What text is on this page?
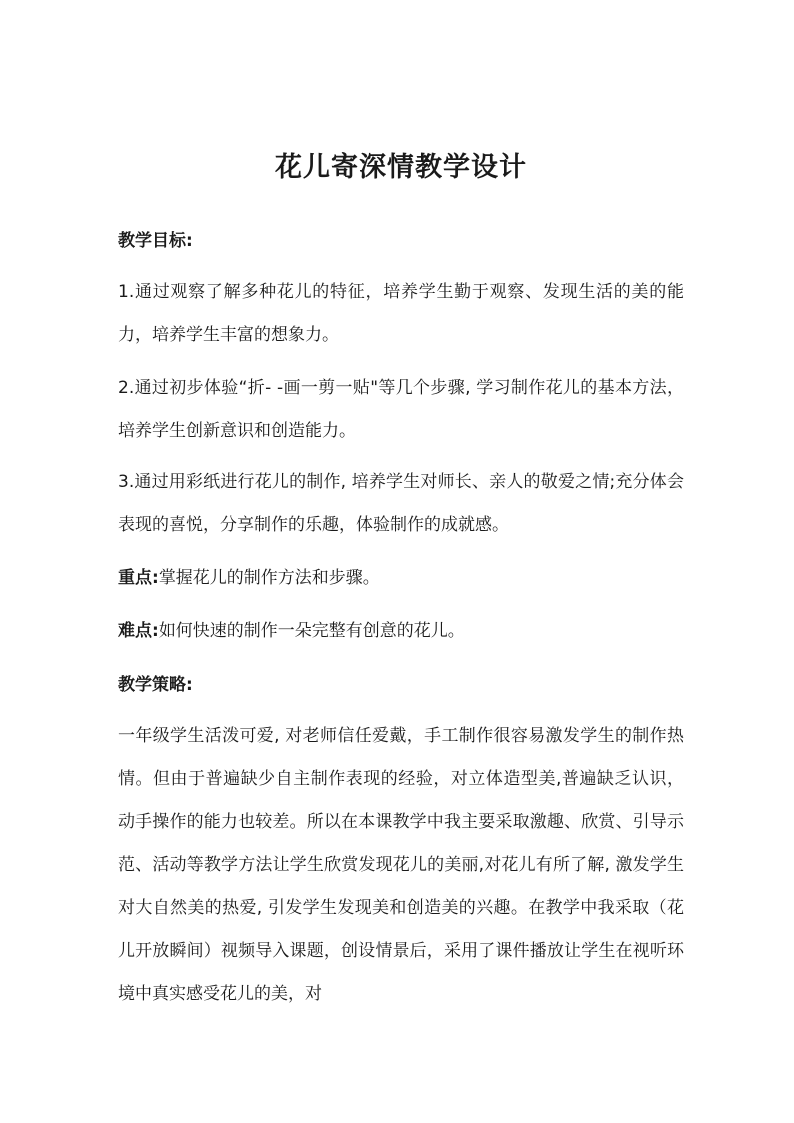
花儿寄深情教学设计

教学目标:

1.通过观察了解多种花儿的特征，培养学生勤于观察、发现生活的美的能力，培养学生丰富的想象力。

2.通过初步体验“折- -画一剪一贴"等几个步骤, 学习制作花儿的基本方法，培养学生创新意识和创造能力。

3.通过用彩纸进行花儿的制作, 培养学生对师长、亲人的敬爱之情;充分体会表现的喜悦，分享制作的乐趣，体验制作的成就感。

重点:掌握花儿的制作方法和步骤。

难点:如何快速的制作一朵完整有创意的花儿。

教学策略:

一年级学生活泼可爱, 对老师信任爱戴，手工制作很容易激发学生的制作热情。但由于普遍缺少自主制作表现的经验，对立体造型美,普遍缺乏认识，动手操作的能力也较差。所以在本课教学中我主要采取激趣、欣赏、引导示范、活动等教学方法让学生欣赏发现花儿的美丽,对花儿有所了解, 激发学生对大自然美的热爱, 引发学生发现美和创造美的兴趣。在教学中我采取（花儿开放瞬间）视频导入课题，创设情景后，采用了课件播放让学生在视听环境中真实感受花儿的美，对
